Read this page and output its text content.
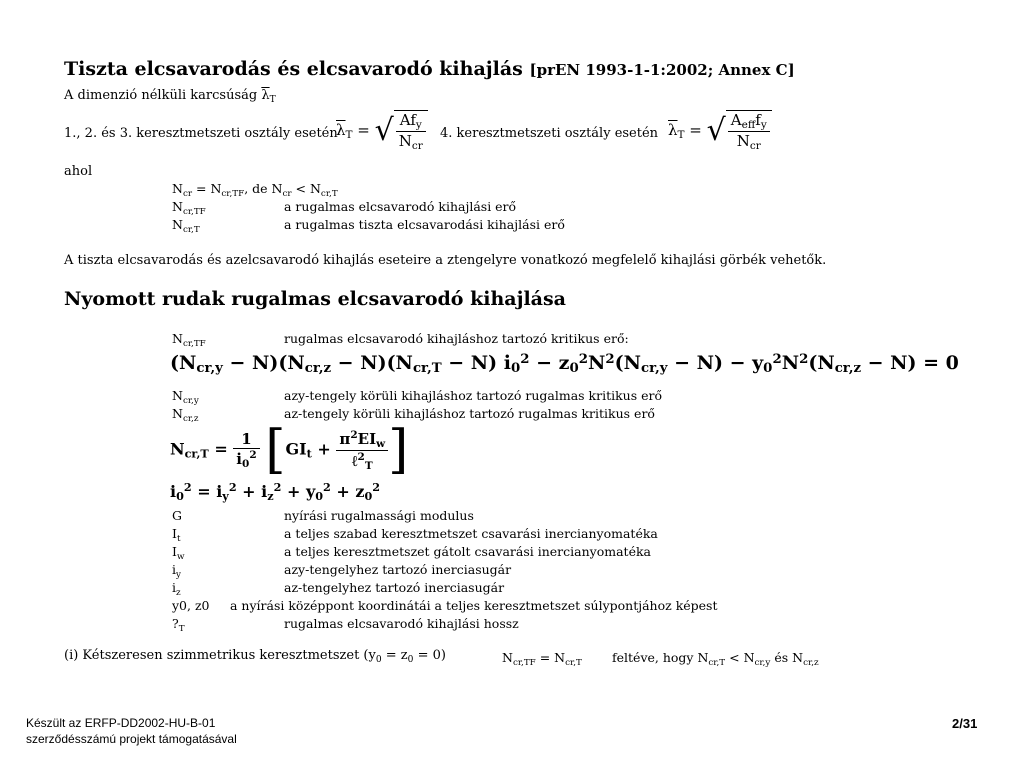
Tiszta elcsavarodás és elcsavarodó kihajlás [prEN 1993-1-1:2002; Annex C]
A dimenzió nélküli karcsúság $\overline{\lambda}_T$
1., 2. és 3. keresztmetszeti osztály esetén
$\overline{\lambda}_T$ = √ $\frac{Af_y}{N_{cr}} 4$. keresztmetszeti osztály esetén $\overline{\lambda}_T$ = √ $\frac{A_{eff}f_y}{N_{cr}}$
ahol
$N_{cr} = N_{cr,TF}$, de $N_{cr} < N_{cr,T}$
$N_{cr,TF}$	a rugalmas elcsavarodó kihajlási erő
$N_{cr,T}$	a rugalmas tiszta elcsavarodási kihajlási erő
A tiszta elcsavarodás és azelcsavarodó kihajlás eseteire a ztengelyre vonatkozó megfelelő kihajlási görbék vehetők.
Nyomott rudak rugalmas elcsavarodó kihajlása
$N_{cr,TF}$	rugalmas elcsavarodó kihajláshoz tartozó kritikus erő:
$(N_{cr,y} - N)(N_{cr,z} - N)(N_{cr,T} - N) i_0^2 - z_0^2N^2(N_{cr,y} - N) - y_0^2N^2(N_{cr,z} - N) = 0$
$N_{cr,y}$	azy-tengely körüli kihajláshoz tartozó rugalmas kritikus erő
$N_{cr,z}$	az-tengely körüli kihajláshoz tartozó rugalmas kritikus erő
$N_{cr,T} = \frac{1}{i_0^2} [GI_t + \frac{\pi^2EI_w}{\ell^2_T}$ ]
$i_0^2 = i_y^2 + i_z^2 + y_0^2 + z_0^2$
G	nyírási rugalmassági modulus
$I_t$	a teljes szabad keresztmetszet csavarási inercianyomatéka
$I_w$	a teljes keresztmetszet gátolt csavarási inercianyomatéka
$i_y$	azy-tengelyhez tartozó inerciasugár
$i_z$	az-tengelyhez tartozó inerciasugár
y0, z0 a nyírási középpont koordinátái a teljes keresztmetszet súlypontjához képest
$?_T$	rugalmas elcsavarodó kihajlási hossz
(i) Kétszeresen szimmetrikus keresztmetszet $(y_0 = z_0 = 0)$	$N_{cr,TF} = N_{cr,T}$ feltéve, hogy $N_{cr,T} < N_{cr,y}$ és $N_{cr,z}$
Készült az ERFP-DD2002-HU-B-01
szerződésszámú projekt támogatásával
2/31
